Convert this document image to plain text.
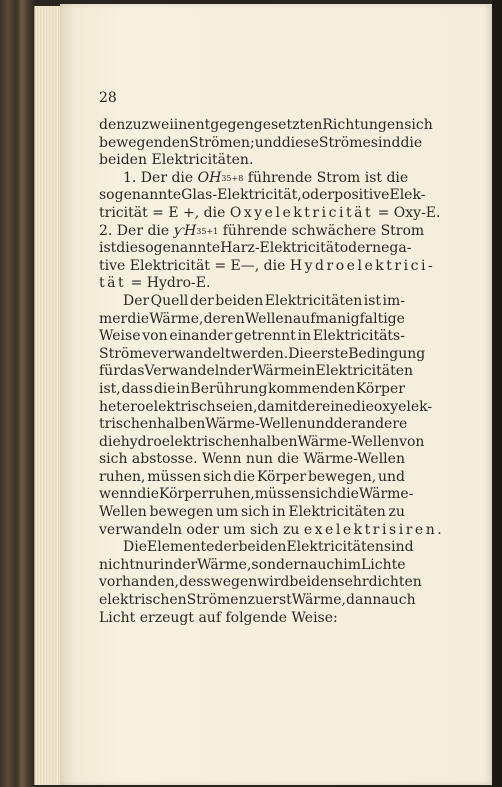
28
den zu zwei in entgegengesetzten Richtungen sich
bewegenden Strömen; und diese Ströme sind die
beiden Elektricitäten.
1. Der die OH 35+8 führende Strom ist die
sogenannte Glas-Elektricität, oder positive Elek-
tricität = E +, die Oxyelektricität = Oxy-E.
2. Der die ƴH 35+1 führende schwächere Strom
ist die sogenannte Harz-Elektricität oder nega-
tive Elektricität = E—, die Hydroelektrici-
tät = Hydro-E.
Der Quell der beiden Elektricitäten ist im-
mer die Wärme, deren Wellen auf manigfaltige
Weise von einander getrennt in Elektricitäts-
Ströme verwandelt werden. Die erste Bedingung
für das Verwandeln der Wärme in Elektricitäten
ist, dass die in Berührung kommenden Körper
heteroelektrisch seien, damit der eine die oxyelek-
trischen halben Wärme-Wellen und der andere
die hydroelektrischen halben Wärme-Wellen von
sich abstosse. Wenn nun die Wärme-Wellen
ruhen, müssen sich die Körper bewegen, und
wenn die Körper ruhen, müssen sich die Wärme-
Wellen bewegen um sich in Elektricitäten zu
verwandeln oder um sich zu exelektrisiren.
Die Elemente der beiden Elektricitäten sind
nicht nur in der Wärme, sondern auch im Lichte
vorhanden, desswegen wird bei den sehr dichten
elektrischen Strömen zuerst Wärme, dann auch
Licht erzeugt auf folgende Weise:
